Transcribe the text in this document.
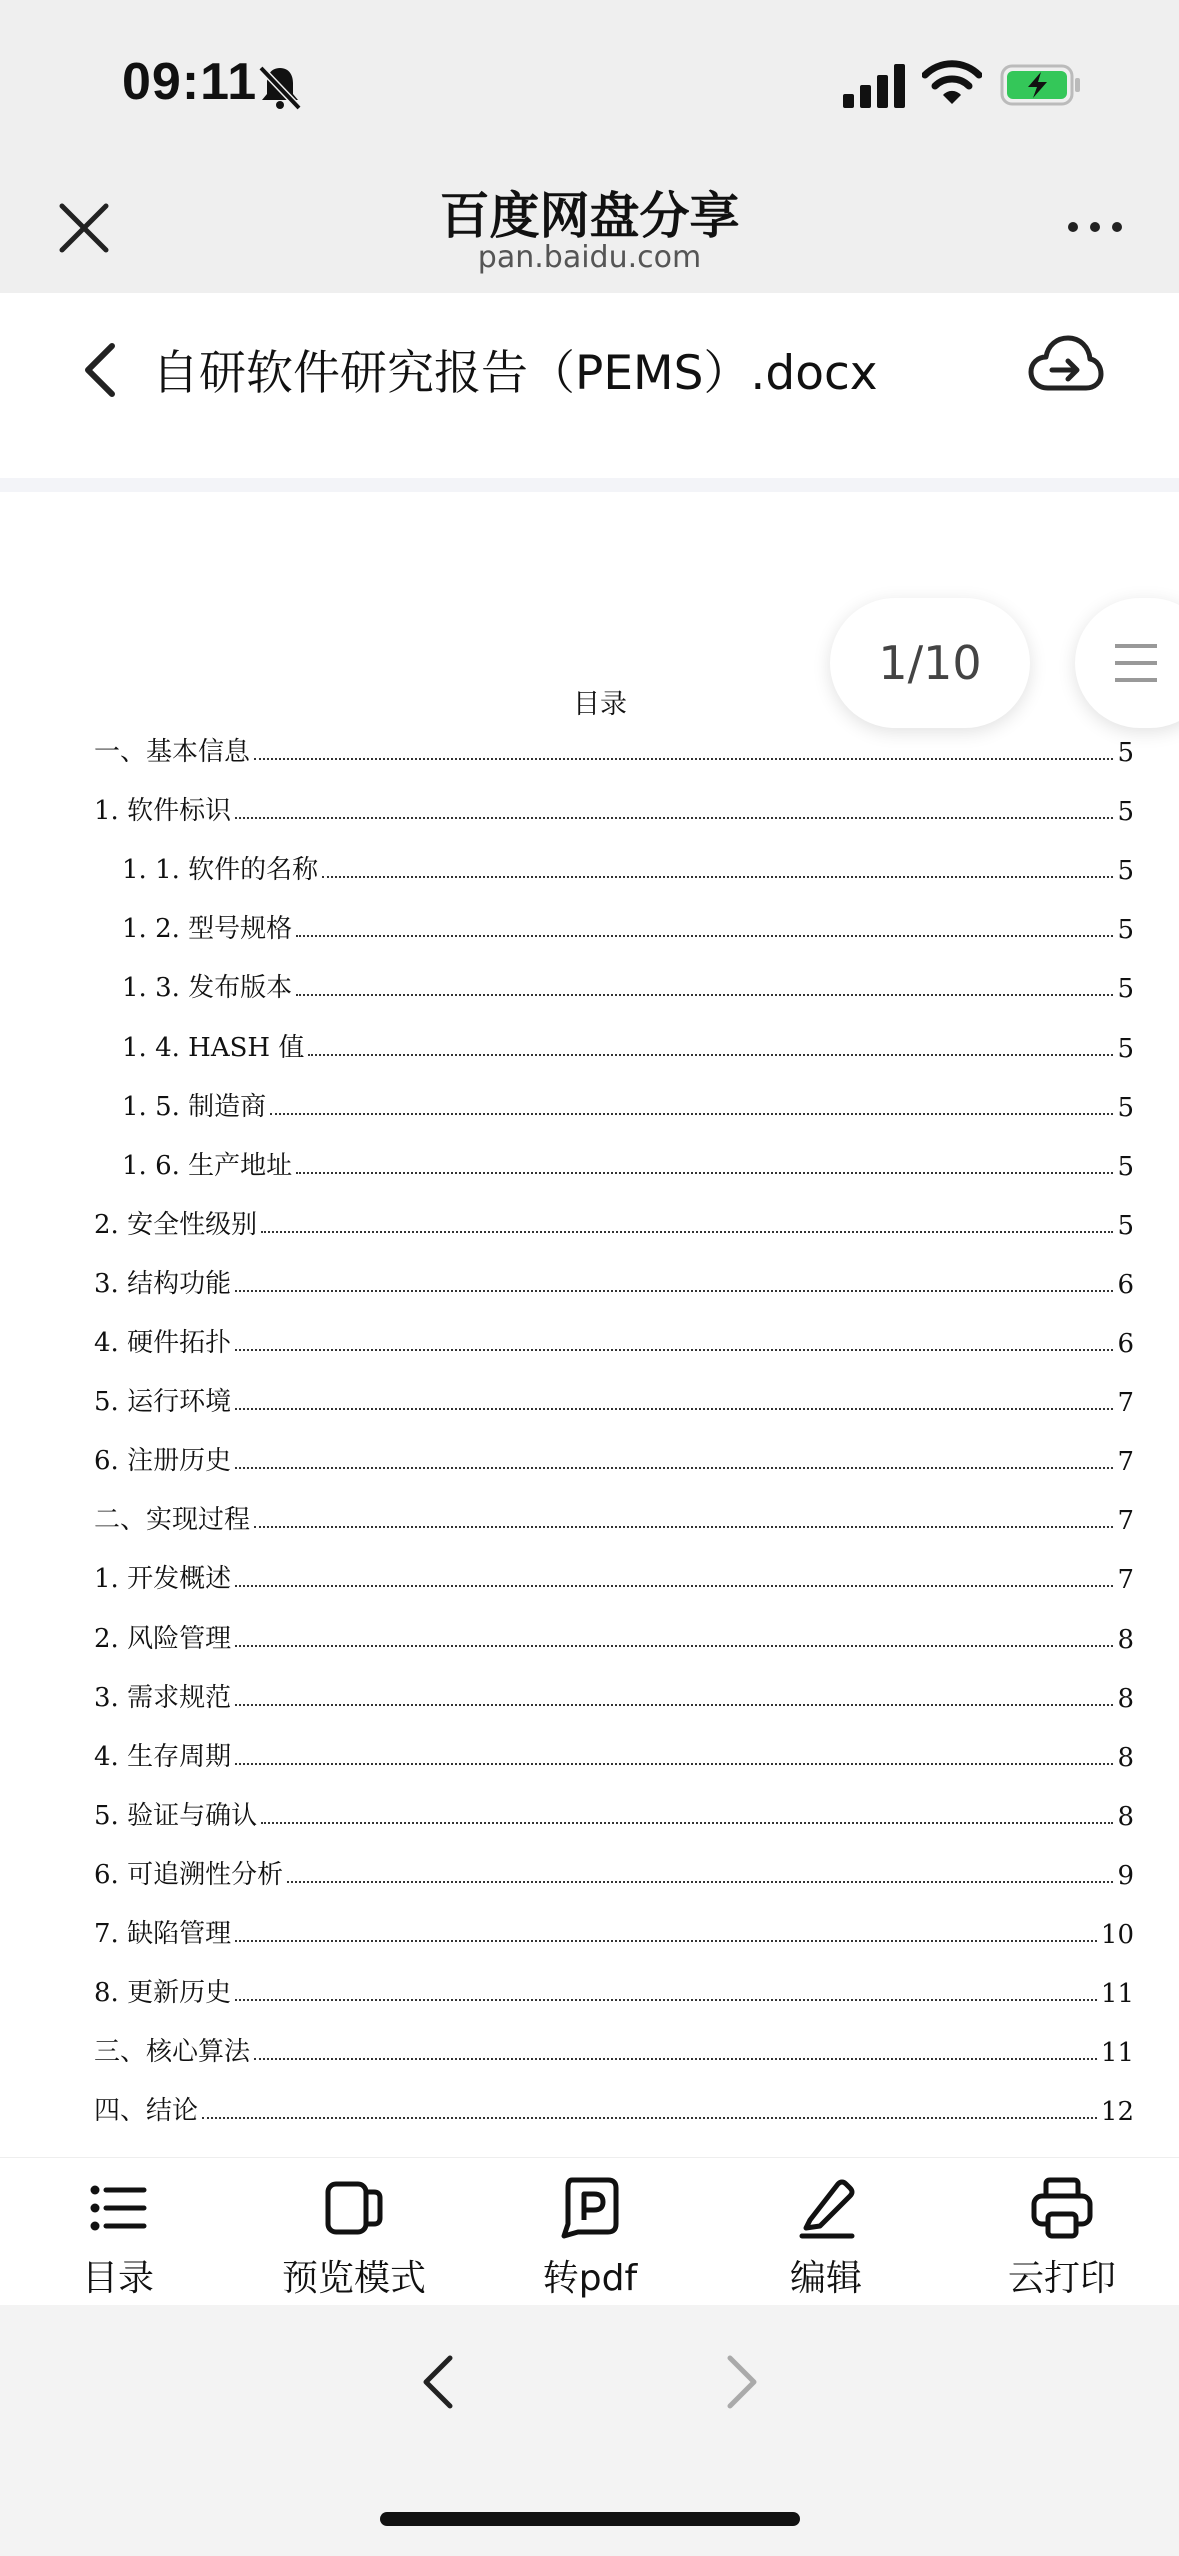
09:11
百度网盘分享
pan.baidu.com
自研软件研究报告（PEMS）.docx
目录
一、基本信息	5
1. 软件标识	5
1. 1. 软件的名称	5
1. 2. 型号规格	5
1. 3. 发布版本	5
1. 4. HASH 值	5
1. 5. 制造商	5
1. 6. 生产地址	5
2. 安全性级别	5
3. 结构功能	6
4. 硬件拓扑	6
5. 运行环境	7
6. 注册历史	7
二、实现过程	7
1. 开发概述	7
2. 风险管理	8
3. 需求规范	8
4. 生存周期	8
5. 验证与确认	8
6. 可追溯性分析	9
7. 缺陷管理	10
8. 更新历史	11
三、核心算法	11
四、结论	12
1/10
目录	预览模式	转pdf	编辑	云打印
